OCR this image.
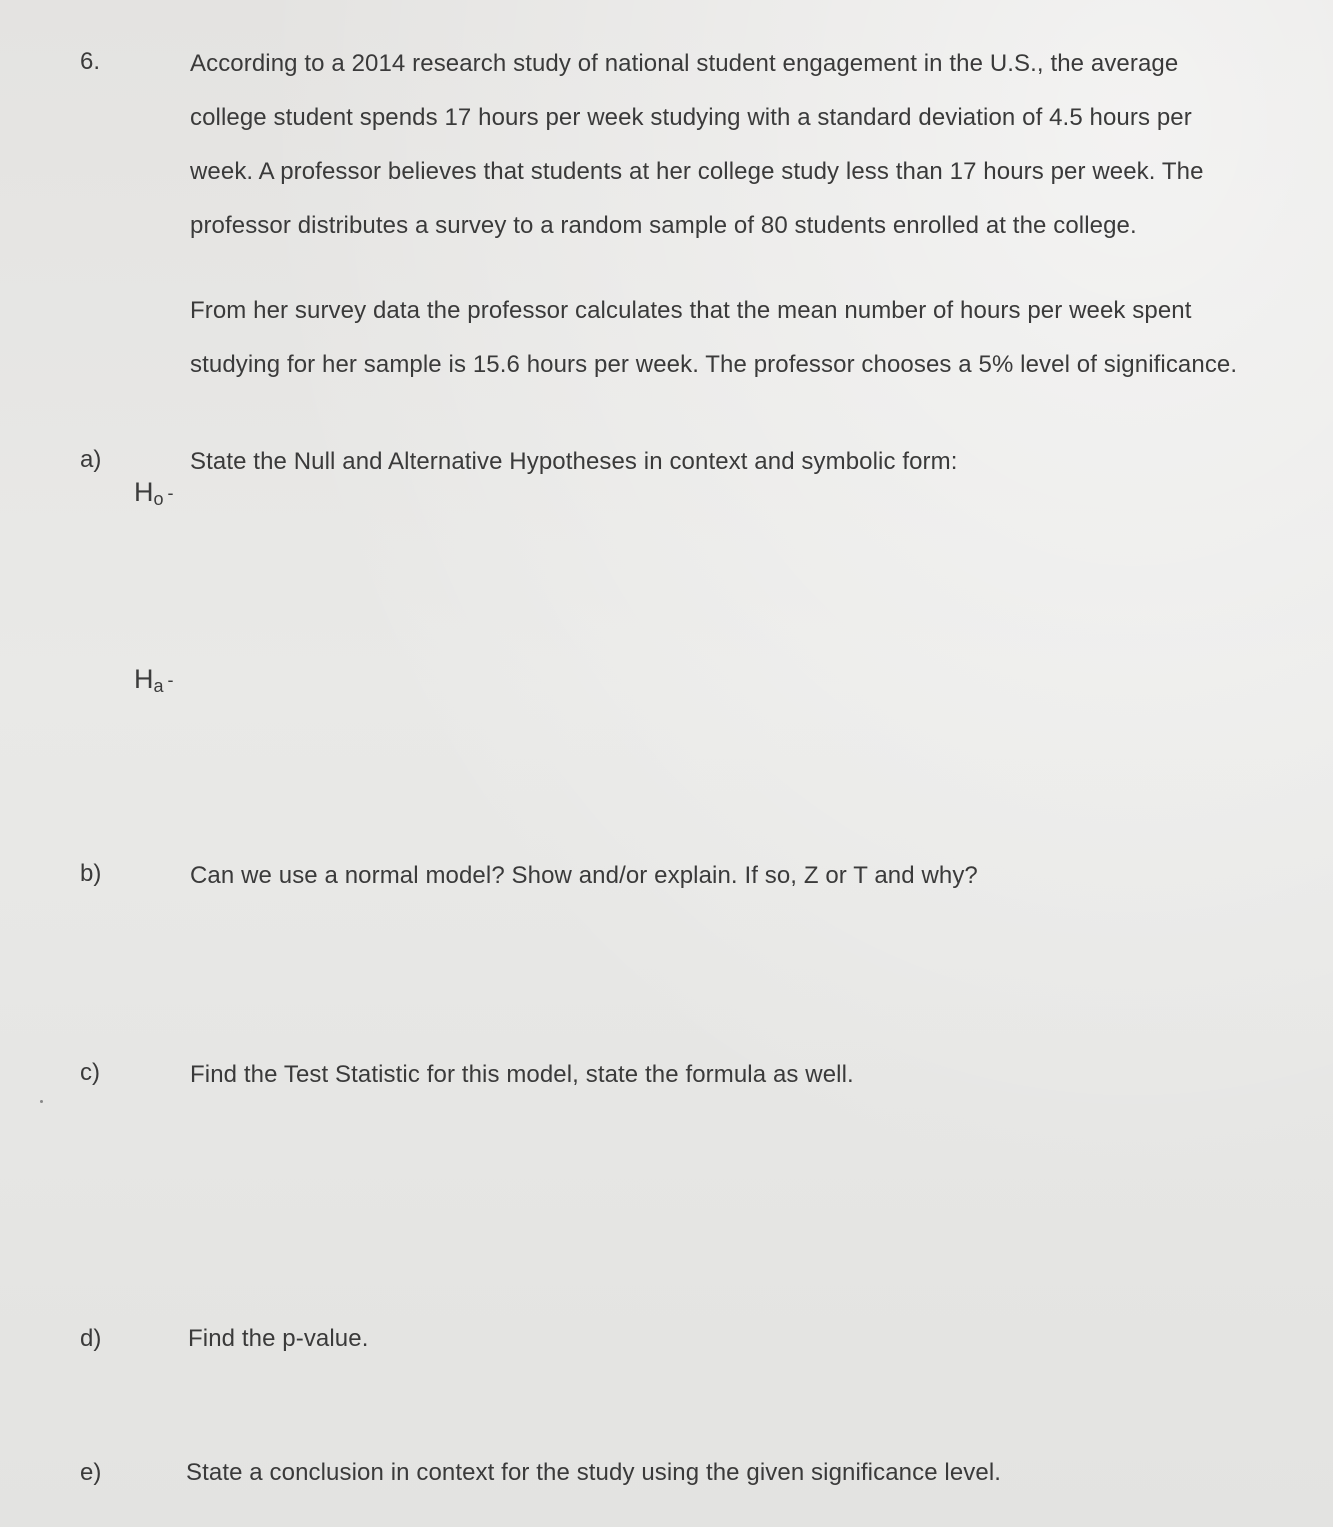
6.	According to a 2014 research study of national student engagement in the U.S., the average
college student spends 17 hours per week studying with a standard deviation of 4.5 hours per
week. A professor believes that students at her college study less than 17 hours per week. The
professor distributes a survey to a random sample of 80 students enrolled at the college.
From her survey data the professor calculates that the mean number of hours per week spent
studying for her sample is 15.6 hours per week. The professor chooses a 5% level of significance.
a)	State the Null and Alternative Hypotheses in context and symbolic form:
$H_o$ -
$H_a$ -
b)	Can we use a normal model? Show and/or explain. If so, Z or T and why?
c)	Find the Test Statistic for this model, state the formula as well.
d)	Find the p-value.
e)	State a conclusion in context for the study using the given significance level.
